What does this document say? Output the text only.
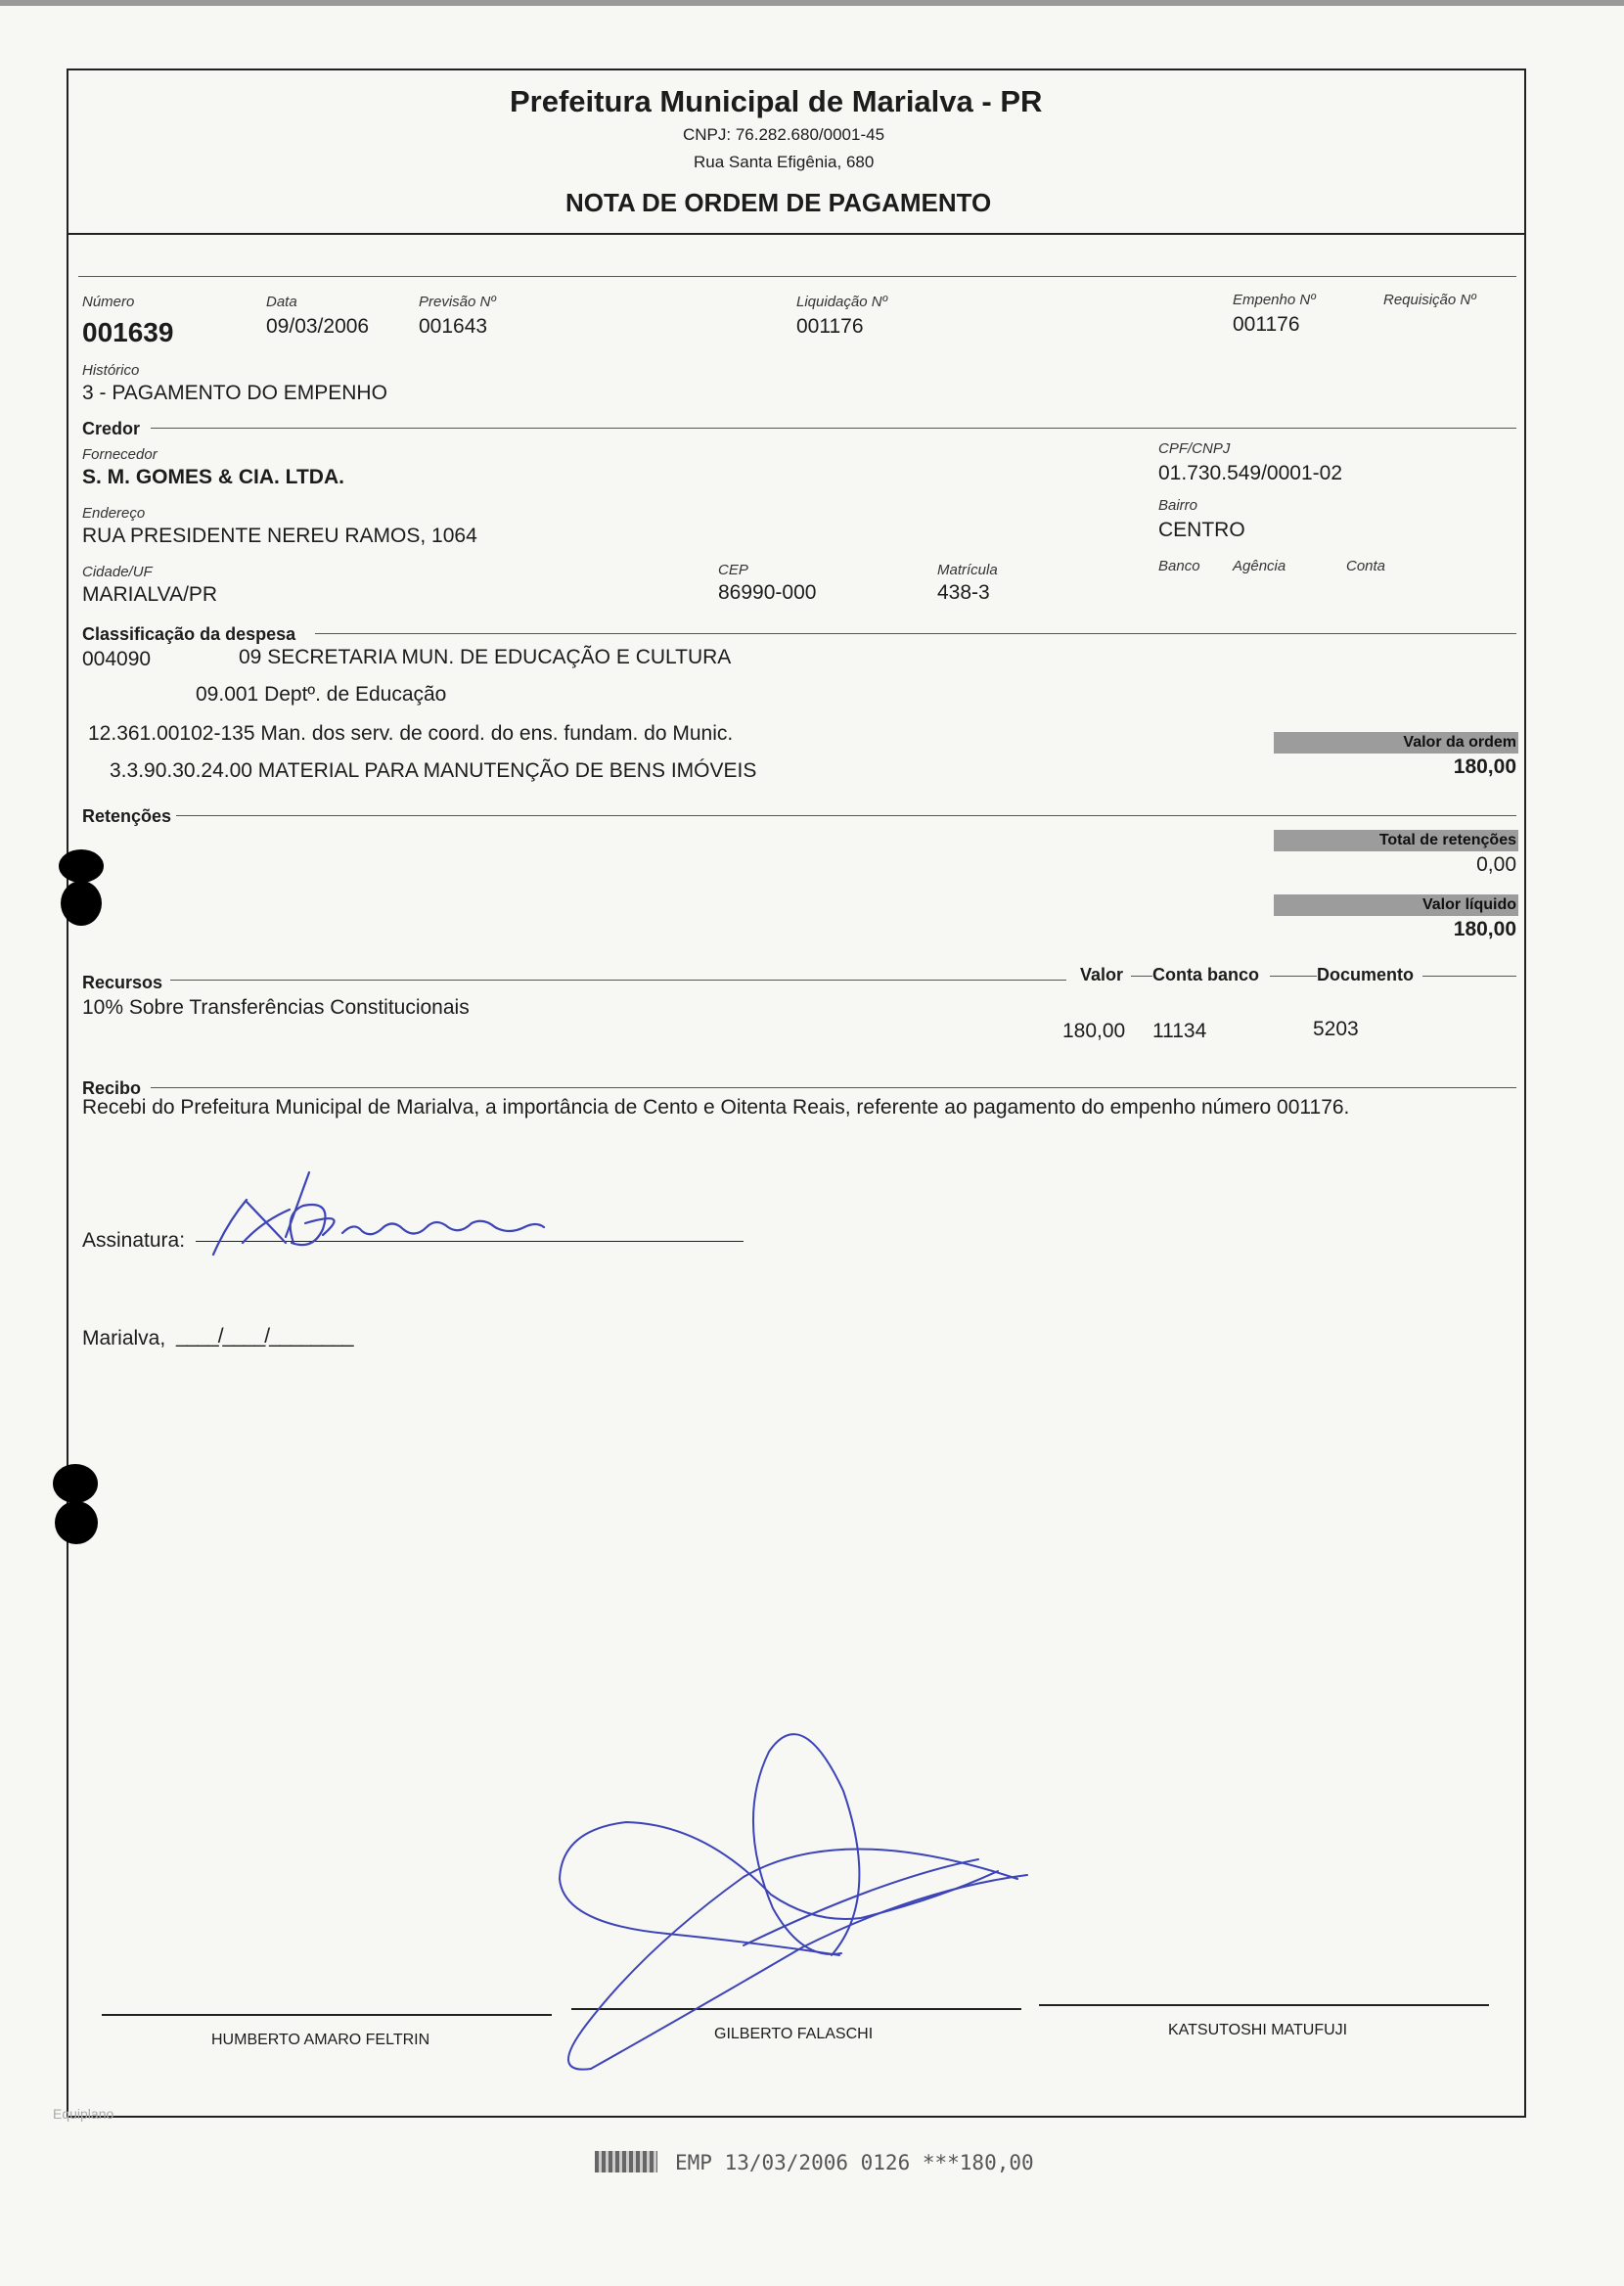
Prefeitura Municipal de Marialva - PR
CNPJ: 76.282.680/0001-45
Rua Santa Efigênia, 680
NOTA DE ORDEM DE PAGAMENTO
Número
001639
Data
09/03/2006
Previsão Nº
001643
Liquidação Nº
001176
Empenho Nº
001176
Requisição Nº
Histórico
3 - PAGAMENTO DO EMPENHO
Credor
Fornecedor
S. M. GOMES & CIA. LTDA.
CPF/CNPJ
01.730.549/0001-02
Endereço
RUA PRESIDENTE NEREU RAMOS, 1064
Bairro
CENTRO
Cidade/UF
MARIALVA/PR
CEP
86990-000
Matrícula
438-3
Banco Agência	Conta
Classificação da despesa
004090	09 SECRETARIA MUN. DE EDUCAÇÃO E CULTURA
09.001 Deptº. de Educação
12.361.00102-135 Man. dos serv. de coord. do ens. fundam. do Munic.
3.3.90.30.24.00 MATERIAL PARA MANUTENÇÃO DE BENS IMÓVEIS
Valor da ordem
180,00
Retenções
Total de retenções
0,00
Valor líquido
180,00
Recursos	Valor Conta banco	Documento
10% Sobre Transferências Constitucionais
180,00 11134	5203
Recibo
Recebi do Prefeitura Municipal de Marialva, a importância de Cento e Oitenta Reais, referente ao pagamento do empenho número 001176.
Assinatura:
Marialva, ____/____/________
HUMBERTO AMARO FELTRIN	GILBERTO FALASCHI	KATSUTOSHI MATUFUJI
Equiplano
EMP 13/03/2006 0126 ***180,00
